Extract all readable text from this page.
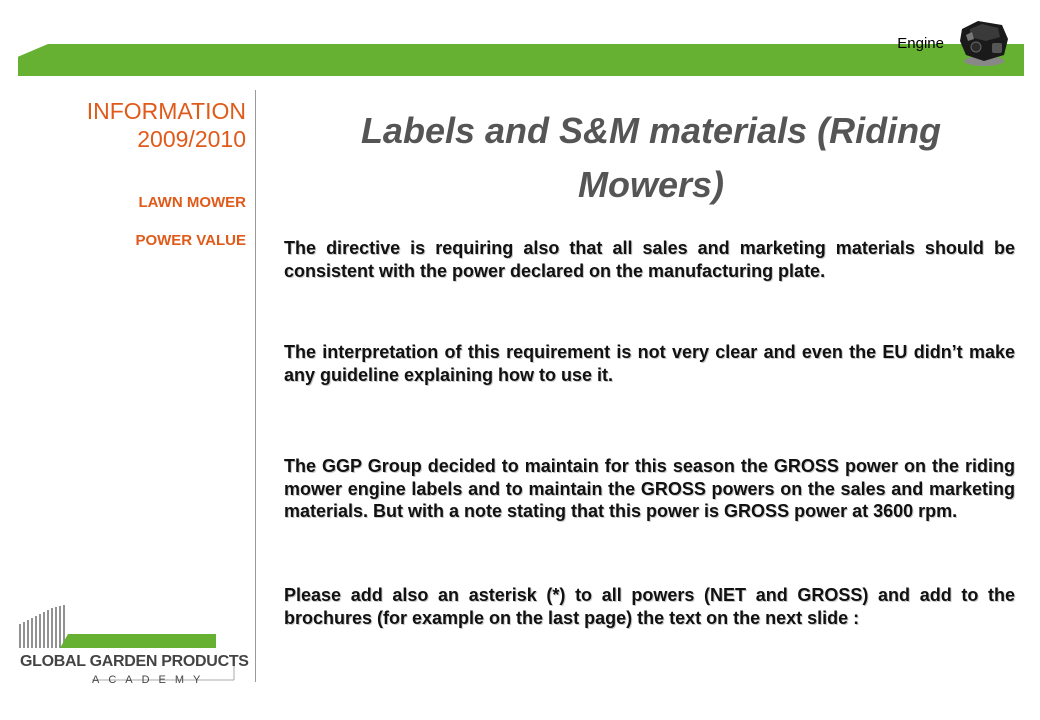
Engine
INFORMATION
2009/2010
LAWN MOWER
POWER VALUE
Labels and S&M materials (Riding
Mowers)
The directive is requiring also that all sales and marketing materials should be consistent with the power declared on the manufacturing plate.
The interpretation of this requirement is not very clear and even the EU didn’t make any guideline explaining how to use it.
The GGP Group decided to maintain for this season the GROSS power on the riding mower engine labels and to maintain the GROSS powers on the sales and marketing materials. But with a note stating that this power is GROSS power at 3600 rpm.
Please add also an asterisk (*) to all powers (NET and GROSS) and add to the brochures (for example on the last page) the text on the next slide :
GLOBAL GARDEN PRODUCTS
ACADEMY
